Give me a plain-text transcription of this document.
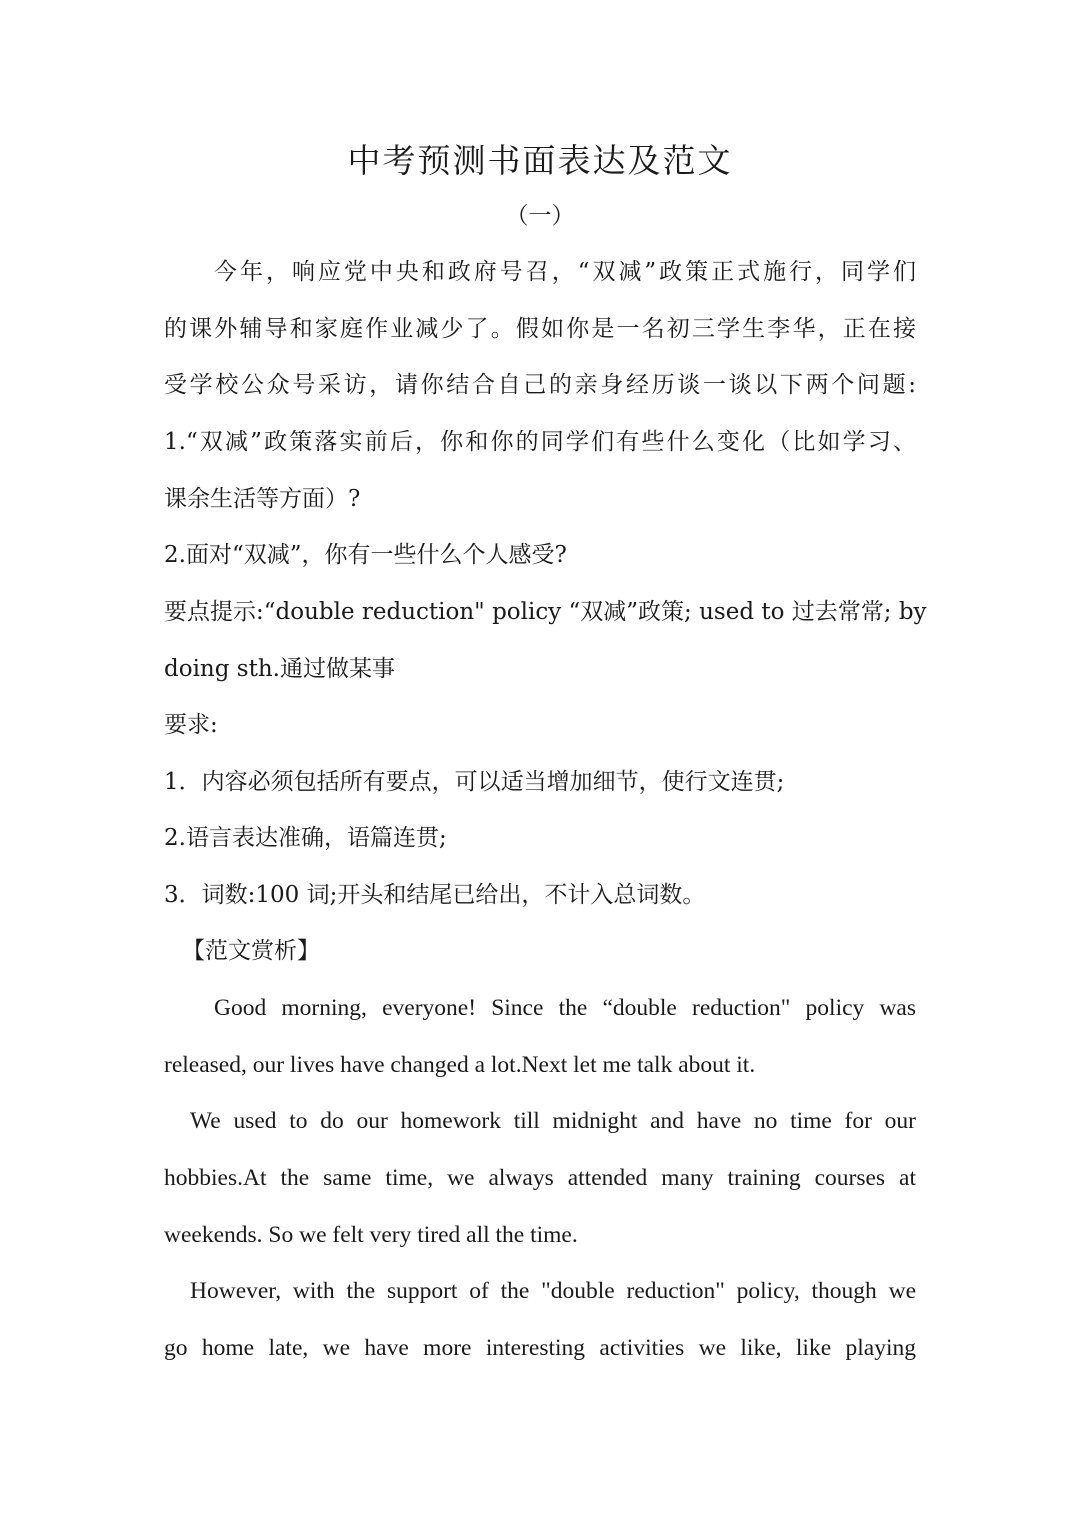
中考预测书面表达及范文
（一）
今年，响应党中央和政府号召，“双减”政策正式施行，同学们
的课外辅导和家庭作业减少了。假如你是一名初三学生李华，正在接
受学校公众号采访，请你结合自己的亲身经历谈一谈以下两个问题:
1.“双减”政策落实前后，你和你的同学们有些什么变化（比如学习、
课余生活等方面）?
2.面对“双减”，你有一些什么个人感受?
要点提示:“double reduction" policy “双减”政策; used to 过去常常; by
doing sth.通过做某事
要求:
1．内容必须包括所有要点，可以适当增加细节，使行文连贯;
2.语言表达准确，语篇连贯;
3．词数:100 词;开头和结尾已给出，不计入总词数。
【范文赏析】
Good morning, everyone! Since the “double reduction" policy was
released, our lives have changed a lot.Next let me talk about it.
We used to do our homework till midnight and have no time for our
hobbies.At the same time, we always attended many training courses at
weekends. So we felt very tired all the time.
However, with the support of the "double reduction" policy, though we
go home late, we have more interesting activities we like, like playing
